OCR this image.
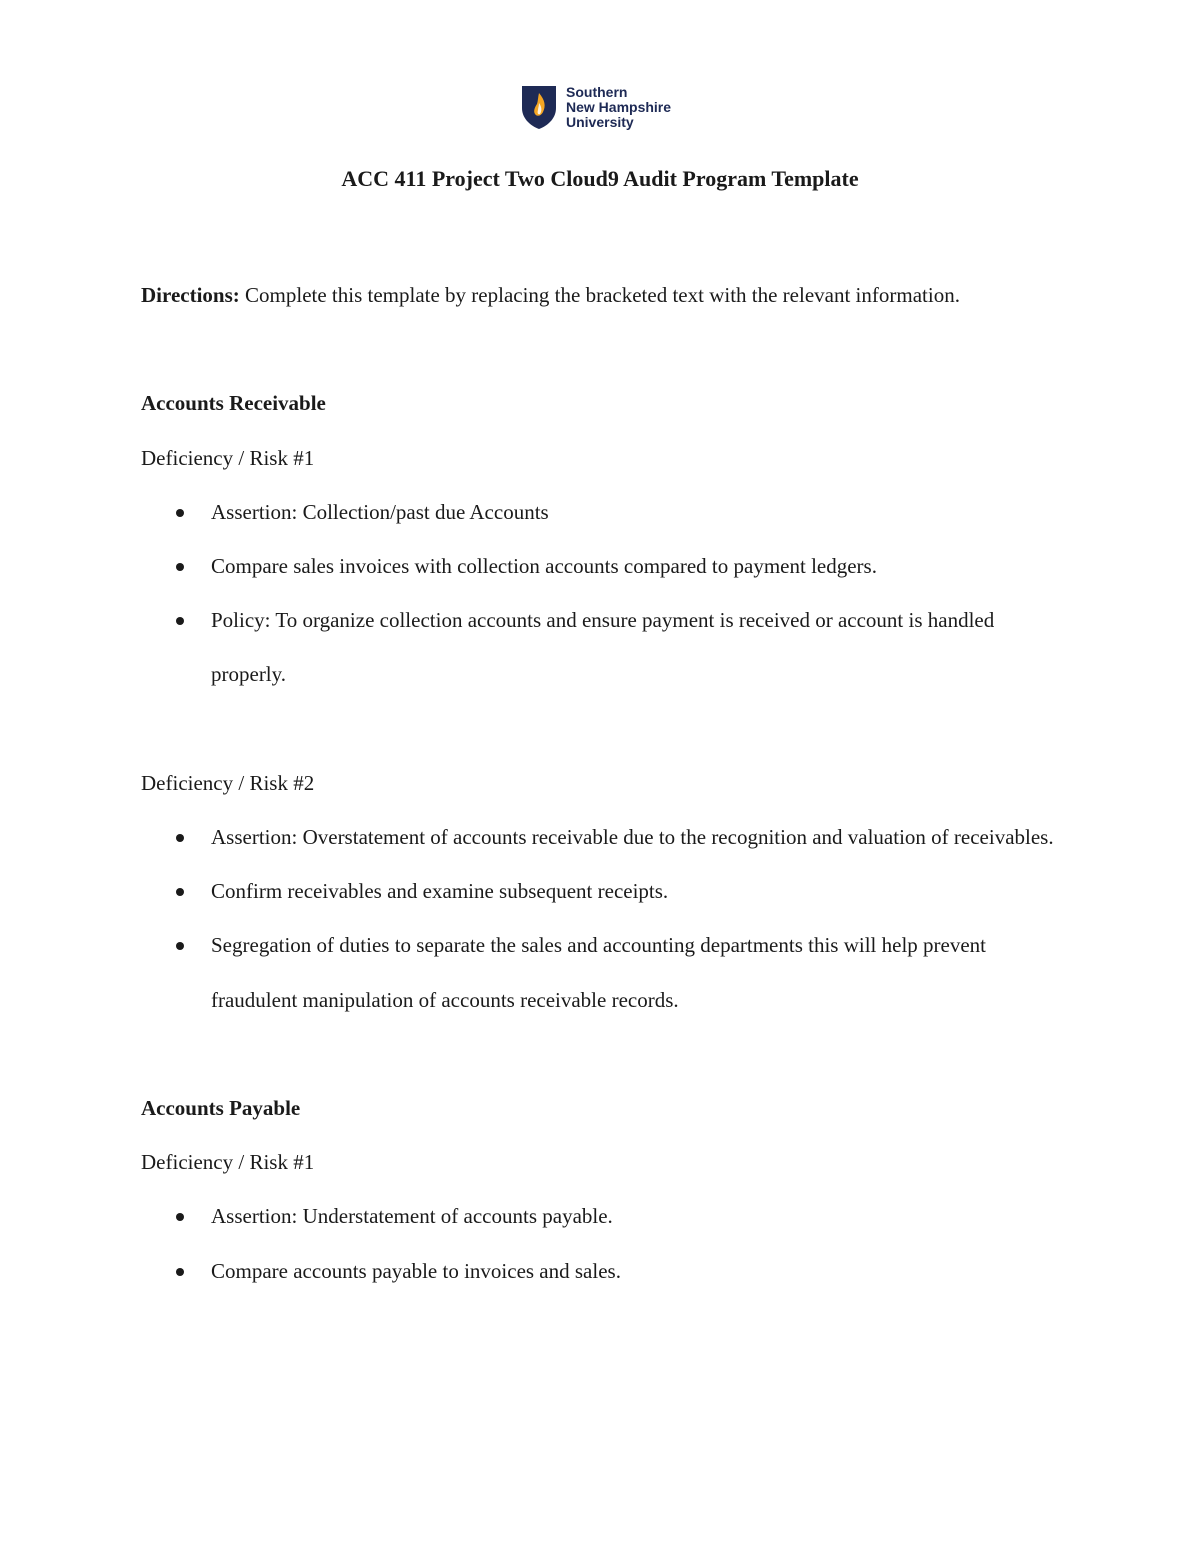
Southern
New Hampshire
University
ACC 411 Project Two Cloud9 Audit Program Template

Directions: Complete this template by replacing the bracketed text with the relevant information.

Accounts Receivable

Deficiency / Risk #1

Assertion: Collection/past due Accounts
Compare sales invoices with collection accounts compared to payment ledgers.
Policy: To organize collection accounts and ensure payment is received or account is handled properly.

Deficiency / Risk #2

Assertion: Overstatement of accounts receivable due to the recognition and valuation of receivables.
Confirm receivables and examine subsequent receipts.
Segregation of duties to separate the sales and accounting departments this will help prevent fraudulent manipulation of accounts receivable records.

Accounts Payable

Deficiency / Risk #1

Assertion: Understatement of accounts payable.
Compare accounts payable to invoices and sales.
